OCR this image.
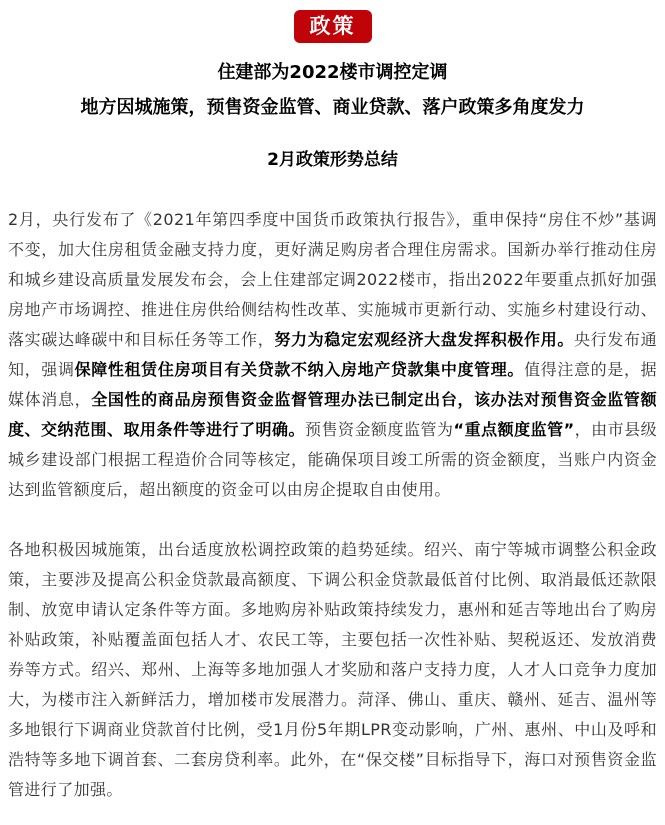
政策
住建部为2022楼市调控定调
地方因城施策，预售资金监管、商业贷款、落户政策多角度发力
2月政策形势总结

2月，央行发布了《2021年第四季度中国货币政策执行报告》，重申保持“房住不炒”基调不变，加大住房租赁金融支持力度，更好满足购房者合理住房需求。国新办举行推动住房和城乡建设高质量发展发布会，会上住建部定调2022楼市，指出2022年要重点抓好加强房地产市场调控、推进住房供给侧结构性改革、实施城市更新行动、实施乡村建设行动、落实碳达峰碳中和目标任务等工作，努力为稳定宏观经济大盘发挥积极作用。央行发布通知，强调保障性租赁住房项目有关贷款不纳入房地产贷款集中度管理。值得注意的是，据媒体消息，全国性的商品房预售资金监督管理办法已制定出台，该办法对预售资金监管额度、交纳范围、取用条件等进行了明确。预售资金额度监管为“重点额度监管”，由市县级城乡建设部门根据工程造价合同等核定，能确保项目竣工所需的资金额度，当账户内资金达到监管额度后，超出额度的资金可以由房企提取自由使用。

各地积极因城施策，出台适度放松调控政策的趋势延续。绍兴、南宁等城市调整公积金政策，主要涉及提高公积金贷款最高额度、下调公积金贷款最低首付比例、取消最低还款限制、放宽申请认定条件等方面。多地购房补贴政策持续发力，惠州和延吉等地出台了购房补贴政策，补贴覆盖面包括人才、农民工等，主要包括一次性补贴、契税返还、发放消费券等方式。绍兴、郑州、上海等多地加强人才奖励和落户支持力度，人才人口竞争力度加大，为楼市注入新鲜活力，增加楼市发展潜力。菏泽、佛山、重庆、赣州、延吉、温州等多地银行下调商业贷款首付比例，受1月份5年期LPR变动影响，广州、惠州、中山及呼和浩特等多地下调首套、二套房贷利率。此外，在“保交楼”目标指导下，海口对预售资金监管进行了加强。
